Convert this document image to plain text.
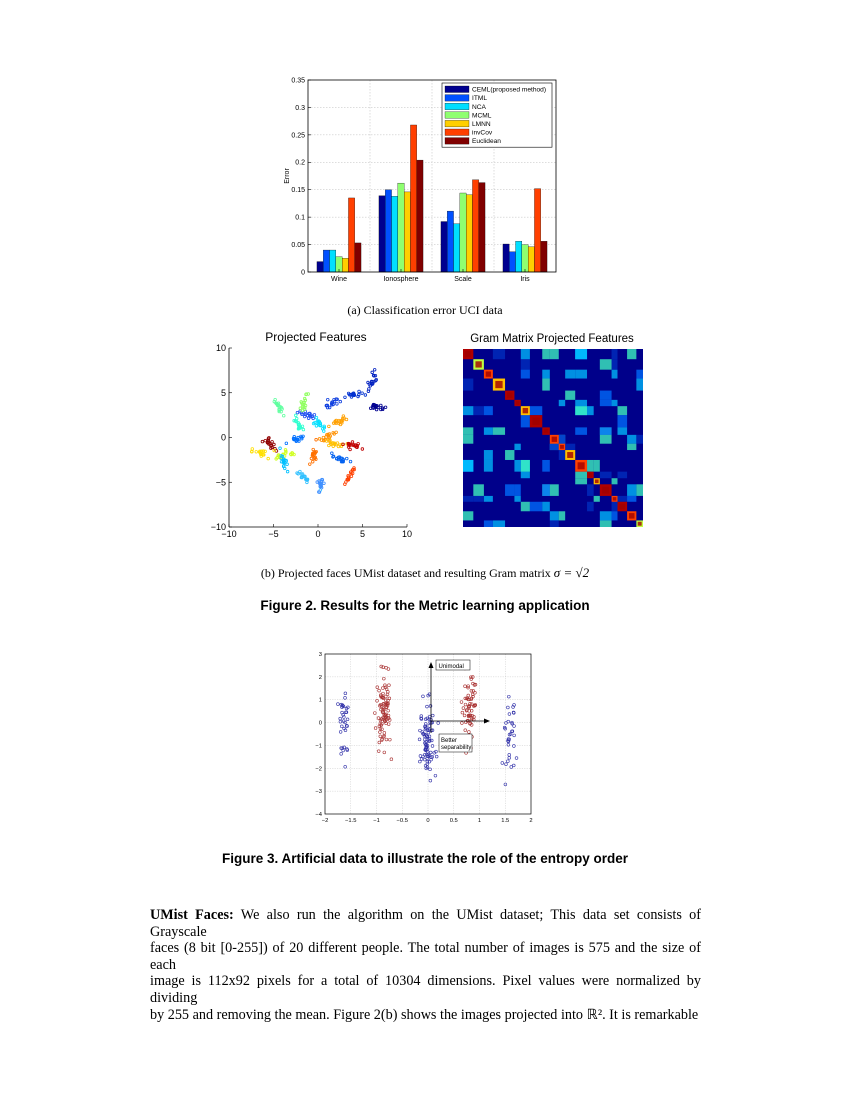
0
0.05
0.1
0.15
0.2
0.25
0.3
0.35
Wine	Ionosphere	Scale	Iris
Error
CEML(proposed method)
ITML
NCA
MCML
LMNN
invCov
Euclidean
(a) Classification error UCI data
Projected Features
−10	−5	0	5	10
−10
−5
0
5
10
Gram Matrix Projected Features
(b) Projected faces UMist dataset and resulting Gram matrix σ = √2
Figure 2. Results for the Metric learning application
−2	−1.5	−1	−0.5	0	0.5	1	1.5	2
−4
−3
−2
−1
0
1
2
3
Unimodal
Better
separability
Figure 3. Artificial data to illustrate the role of the entropy order
UMist Faces: We also run the algorithm on the UMist dataset; This data set consists of Grayscale
faces (8 bit [0-255]) of 20 different people. The total number of images is 575 and the size of each
image is 112x92 pixels for a total of 10304 dimensions. Pixel values were normalized by dividing
by 255 and removing the mean. Figure 2(b) shows the images projected into ℝ². It is remarkable
